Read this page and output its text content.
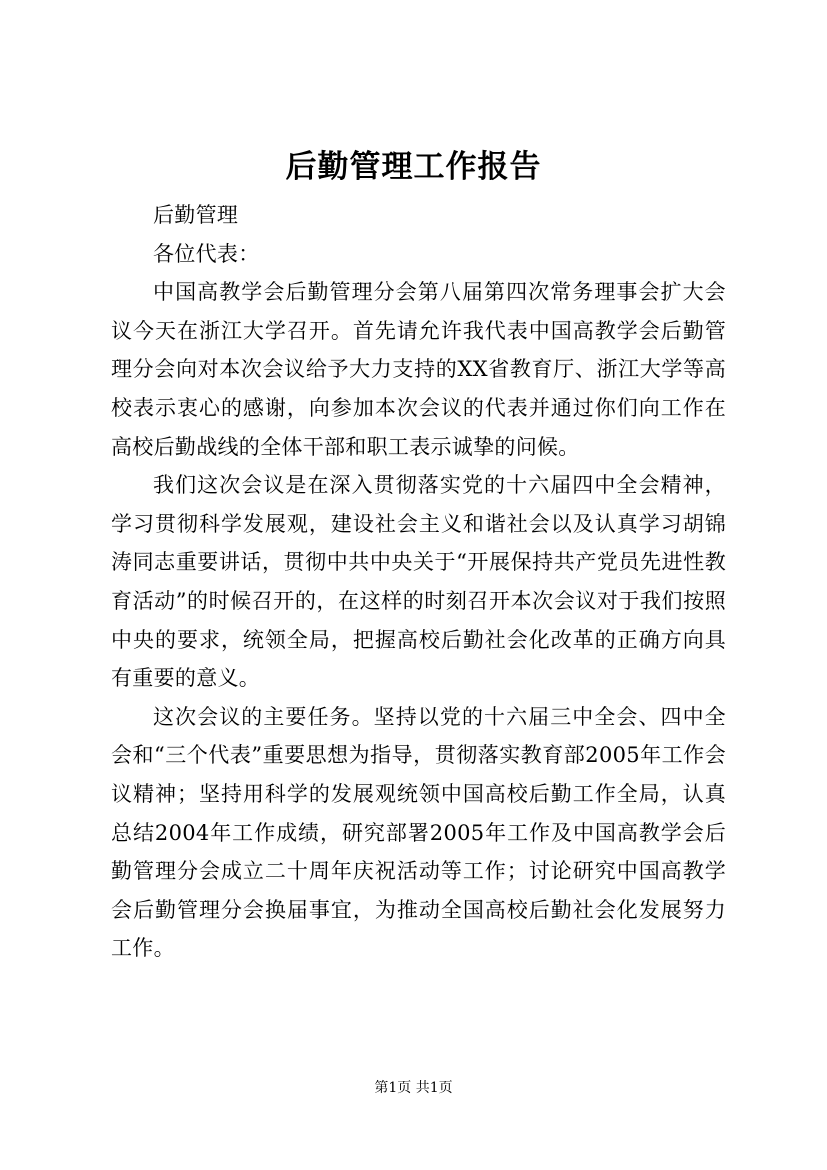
后勤管理工作报告

后勤管理

各位代表：

中国高教学会后勤管理分会第八届第四次常务理事会扩大会议今天在浙江大学召开。首先请允许我代表中国高教学会后勤管理分会向对本次会议给予大力支持的XX省教育厅、浙江大学等高校表示衷心的感谢，向参加本次会议的代表并通过你们向工作在高校后勤战线的全体干部和职工表示诚挚的问候。

我们这次会议是在深入贯彻落实党的十六届四中全会精神，学习贯彻科学发展观，建设社会主义和谐社会以及认真学习胡锦涛同志重要讲话，贯彻中共中央关于“开展保持共产党员先进性教育活动”的时候召开的，在这样的时刻召开本次会议对于我们按照中央的要求，统领全局，把握高校后勤社会化改革的正确方向具有重要的意义。

这次会议的主要任务。坚持以党的十六届三中全会、四中全会和“三个代表”重要思想为指导，贯彻落实教育部2005年工作会议精神；坚持用科学的发展观统领中国高校后勤工作全局，认真总结2004年工作成绩，研究部署2005年工作及中国高教学会后勤管理分会成立二十周年庆祝活动等工作；讨论研究中国高教学会后勤管理分会换届事宜，为推动全国高校后勤社会化发展努力工作。

第1页 共1页
